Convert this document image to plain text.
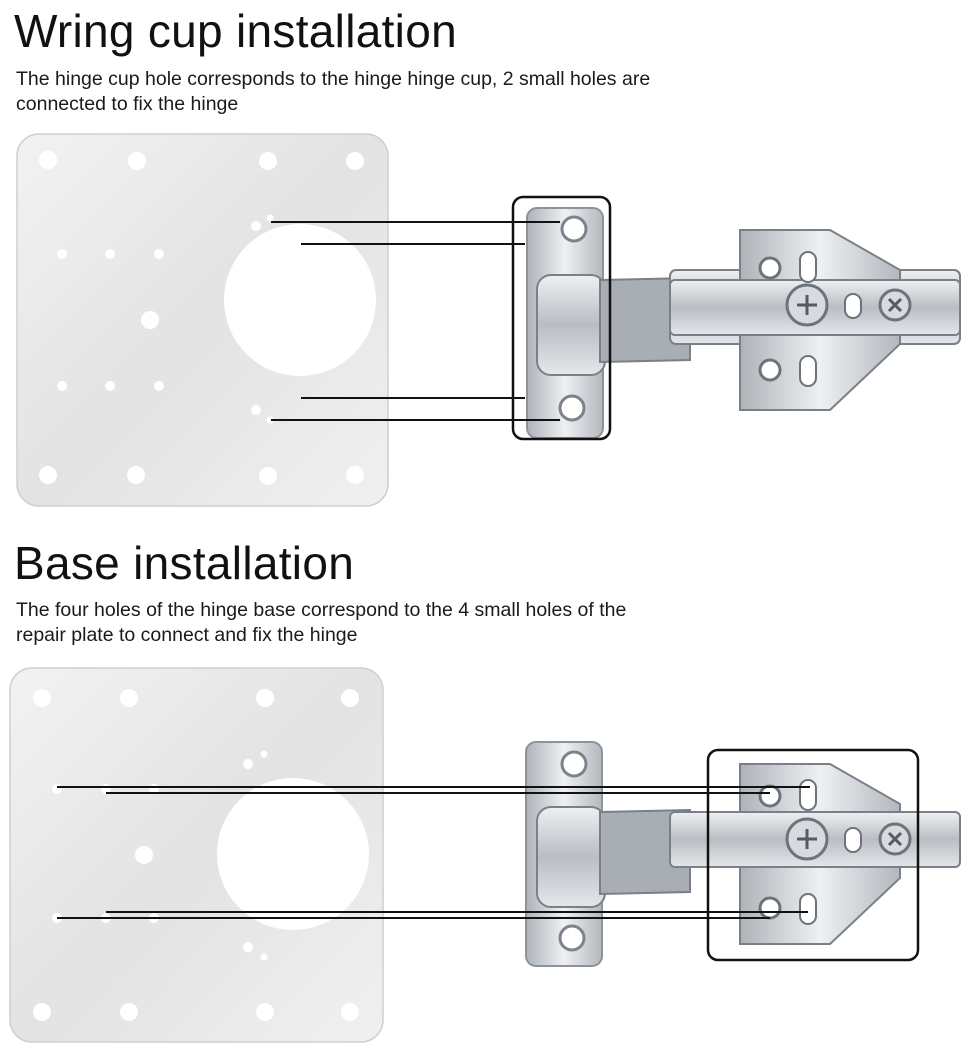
Wring cup installation
The hinge cup hole corresponds to the hinge hinge cup, 2 small holes are
connected to fix the hinge
Base installation
The four holes of the hinge base correspond to the 4 small holes of the
repair plate to connect and fix the hinge
